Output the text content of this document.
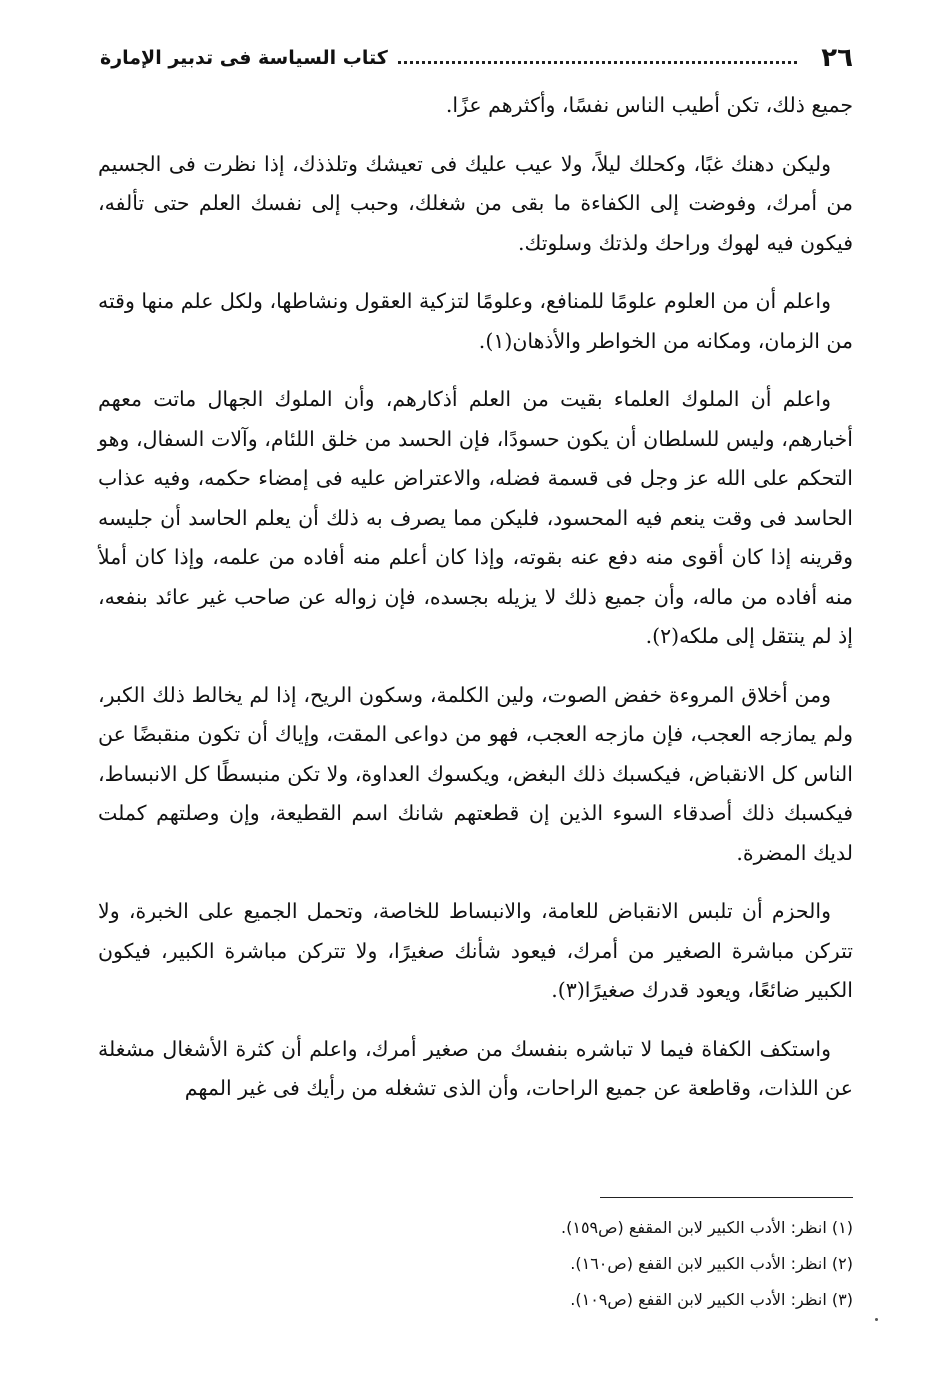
٢٦
كتاب السياسة فى تدبير الإمارة

جميع ذلك، تكن أطيب الناس نفسًا، وأكثرهم عزًا.

وليكن دهنك غبًا، وكحلك ليلاً، ولا عيب عليك فى تعيشك وتلذذك، إذا نظرت فى الجسيم من أمرك، وفوضت إلى الكفاءة ما بقى من شغلك، وحبب إلى نفسك العلم حتى تألفه، فيكون فيه لهوك وراحك ولذتك وسلوتك.

واعلم أن من العلوم علومًا للمنافع، وعلومًا لتزكية العقول ونشاطها، ولكل علم منها وقته من الزمان، ومكانه من الخواطر والأذهان(١).

واعلم أن الملوك العلماء بقيت من العلم أذكارهم، وأن الملوك الجهال ماتت معهم أخبارهم، وليس للسلطان أن يكون حسودًا، فإن الحسد من خلق اللئام، وآلات السفال، وهو التحكم على الله عز وجل فى قسمة فضله، والاعتراض عليه فى إمضاء حكمه، وفيه عذاب الحاسد فى وقت ينعم فيه المحسود، فليكن مما يصرف به ذلك أن يعلم الحاسد أن جليسه وقرينه إذا كان أقوى منه دفع عنه بقوته، وإذا كان أعلم منه أفاده من علمه، وإذا كان أملأ منه أفاده من ماله، وأن جميع ذلك لا يزيله بجسده، فإن زواله عن صاحب غير عائد بنفعه، إذ لم ينتقل إلى ملكه(٢).

ومن أخلاق المروءة خفض الصوت، ولين الكلمة، وسكون الريح، إذا لم يخالط ذلك الكبر، ولم يمازجه العجب، فإن مازجه العجب، فهو من دواعى المقت، وإياك أن تكون منقبضًا عن الناس كل الانقباض، فيكسبك ذلك البغض، ويكسوك العداوة، ولا تكن منبسطًا كل الانبساط، فيكسبك ذلك أصدقاء السوء الذين إن قطعتهم شانك اسم القطيعة، وإن وصلتهم كملت لديك المضرة.

والحزم أن تلبس الانقباض للعامة، والانبساط للخاصة، وتحمل الجميع على الخبرة، ولا تتركن مباشرة الصغير من أمرك، فيعود شأنك صغيرًا، ولا تتركن مباشرة الكبير، فيكون الكبير ضائعًا، ويعود قدرك صغيرًا(٣).

واستكف الكفاة فيما لا تباشره بنفسك من صغير أمرك، واعلم أن كثرة الأشغال مشغلة عن اللذات، وقاطعة عن جميع الراحات، وأن الذى تشغله من رأيك فى غير المهم

(١) انظر: الأدب الكبير لابن المقفع (ص١٥٩).

(٢) انظر: الأدب الكبير لابن القفع (ص١٦٠).

(٣) انظر: الأدب الكبير لابن القفع (ص١٠٩).
